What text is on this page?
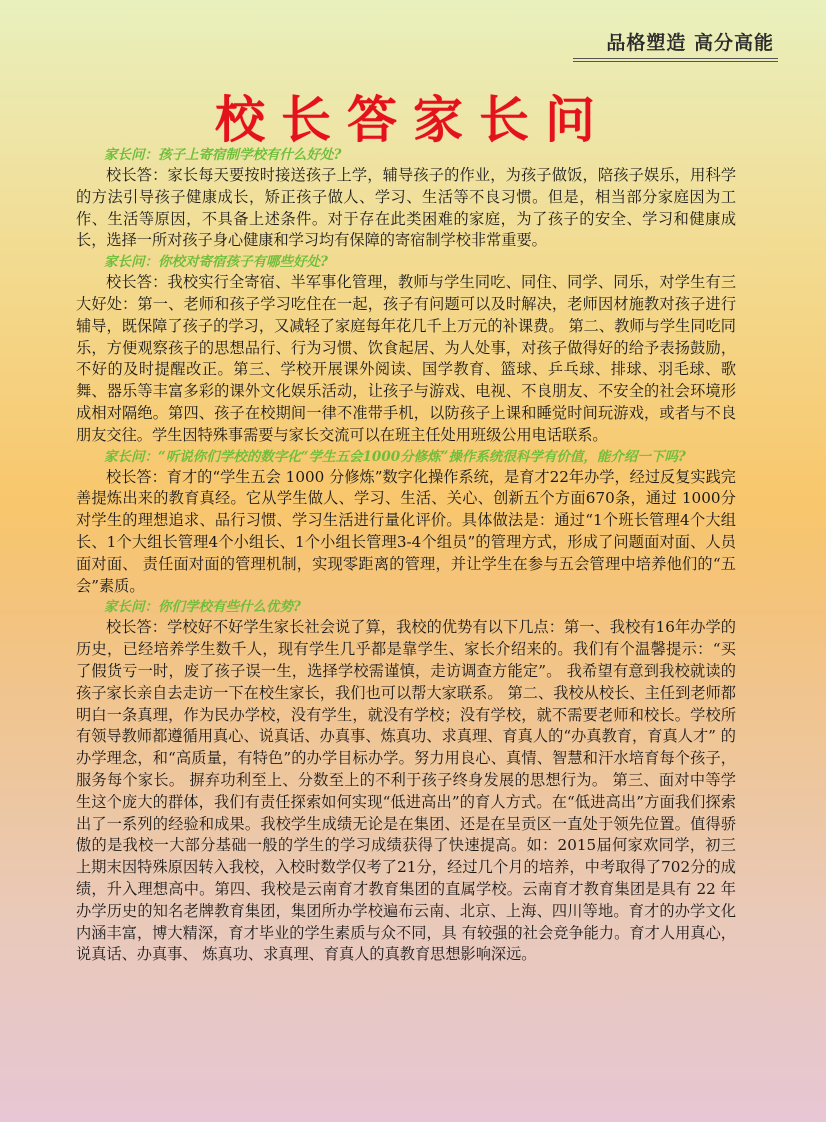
品格塑造 高分高能
校长答家长问
家长问：孩子上寄宿制学校有什么好处?

校长答：家长每天要按时接送孩子上学，辅导孩子的作业，为孩子做饭，陪孩子娱乐，用科学的方法引导孩子健康成长，矫正孩子做人、学习、生活等不良习惯。但是，相当部分家庭因为工作、生活等原因，不具备上述条件。对于存在此类困难的家庭，为了孩子的安全、学习和健康成长，选择一所对孩子身心健康和学习均有保障的寄宿制学校非常重要。

家长问：你校对寄宿孩子有哪些好处?

校长答：我校实行全寄宿、半军事化管理，教师与学生同吃、同住、同学、同乐，对学生有三大好处：第一、老师和孩子学习吃住在一起，孩子有问题可以及时解决，老师因材施教对孩子进行辅导，既保障了孩子的学习，又减轻了家庭每年花几千上万元的补课费。 第二、教师与学生同吃同乐，方便观察孩子的思想品行、行为习惯、饮食起居、为人处事，对孩子做得好的给予表扬鼓励，不好的及时提醒改正。第三、学校开展课外阅读、国学教育、篮球、乒乓球、排球、羽毛球、歌舞、器乐等丰富多彩的课外文化娱乐活动，让孩子与游戏、电视、不良朋友、不安全的社会环境形成相对隔绝。第四、孩子在校期间一律不准带手机，以防孩子上课和睡觉时间玩游戏，或者与不良朋友交往。学生因特殊事需要与家长交流可以在班主任处用班级公用电话联系。

家长问：“听说你们学校的数字化“学生五会1000分修炼”操作系统很科学有价值，能介绍一下吗?

校长答：育才的“学生五会 1000 分修炼”数字化操作系统，是育才22年办学，经过反复实践完善提炼出来的教育真经。它从学生做人、学习、生活、关心、创新五个方面670条，通过 1000分对学生的理想追求、品行习惯、学习生活进行量化评价。具体做法是：通过“1个班长管理4个大组长、1个大组长管理4个小组长、1个小组长管理3-4个组员”的管理方式，形成了问题面对面、人员面对面、 责任面对面的管理机制，实现零距离的管理，并让学生在参与五会管理中培养他们的“五会”素质。

家长问：你们学校有些什么优势?

校长答：学校好不好学生家长社会说了算，我校的优势有以下几点：第一、我校有16年办学的历史，已经培养学生数千人，现有学生几乎都是靠学生、家长介绍来的。我们有个温馨提示：“买了假货亏一时，废了孩子误一生，选择学校需谨慎，走访调查方能定”。 我希望有意到我校就读的孩子家长亲自去走访一下在校生家长，我们也可以帮大家联系。 第二、我校从校长、主任到老师都明白一条真理，作为民办学校，没有学生，就没有学校；没有学校，就不需要老师和校长。学校所有领导教师都遵循用真心、说真话、办真事、炼真功、求真理、育真人的“办真教育，育真人才” 的办学理念，和“高质量，有特色”的办学目标办学。努力用良心、真情、智慧和汗水培育每个孩子，服务每个家长。 摒弃功利至上、分数至上的不利于孩子终身发展的思想行为。 第三、面对中等学生这个庞大的群体，我们有责任探索如何实现“低进高出”的育人方式。在“低进高出”方面我们探索出了一系列的经验和成果。我校学生成绩无论是在集团、还是在呈贡区一直处于领先位置。值得骄傲的是我校一大部分基础一般的学生的学习成绩获得了快速提高。如：2015届何家欢同学，初三上期末因特殊原因转入我校，入校时数学仅考了21分，经过几个月的培养，中考取得了702分的成绩，升入理想高中。第四、我校是云南育才教育集团的直属学校。云南育才教育集团是具有 22 年办学历史的知名老牌教育集团，集团所办学校遍布云南、北京、上海、四川等地。育才的办学文化内涵丰富，博大精深，育才毕业的学生素质与众不同，具 有较强的社会竞争能力。育才人用真心，说真话、办真事、 炼真功、求真理、育真人的真教育思想影响深远。
